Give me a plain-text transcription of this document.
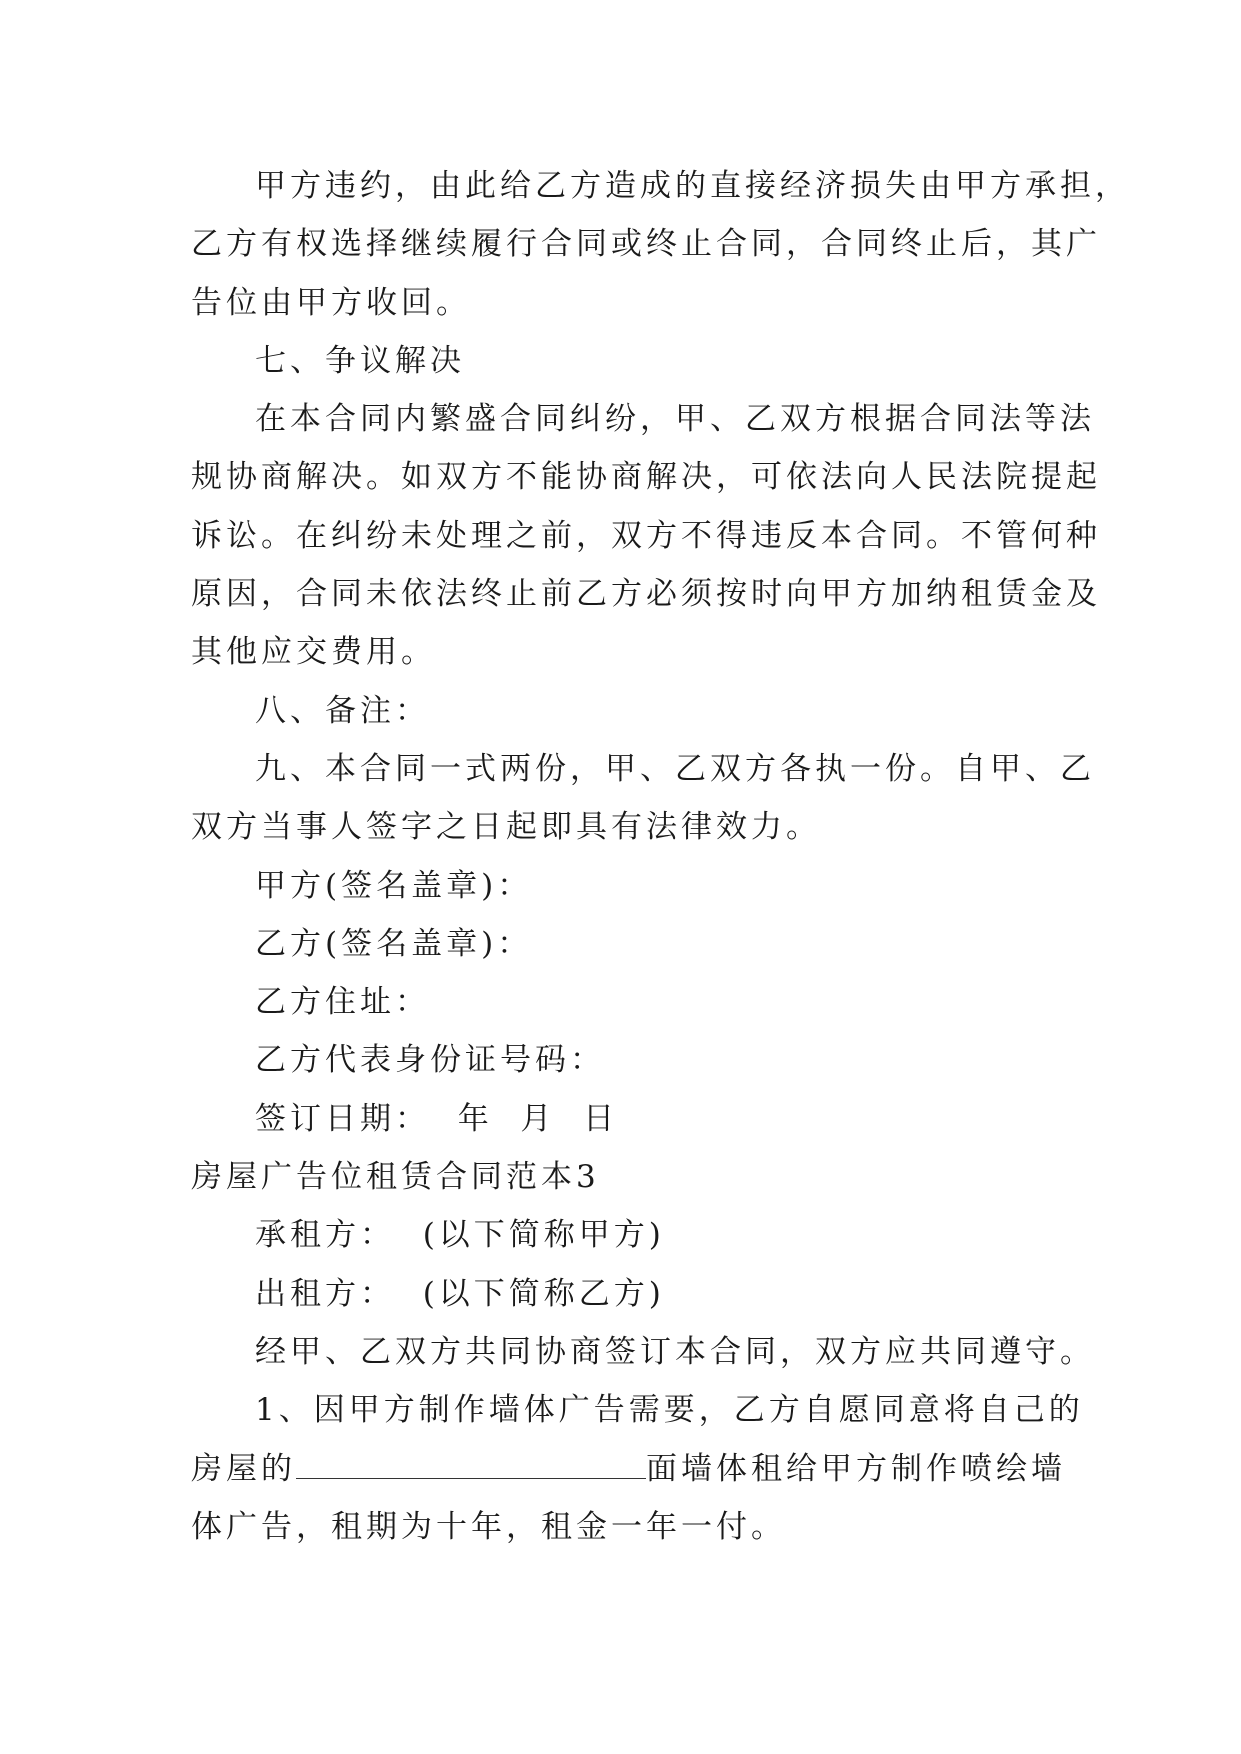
甲方违约，由此给乙方造成的直接经济损失由甲方承担，
乙方有权选择继续履行合同或终止合同，合同终止后，其广
告位由甲方收回。
七、争议解决
在本合同内繁盛合同纠纷，甲、乙双方根据合同法等法
规协商解决。如双方不能协商解决，可依法向人民法院提起
诉讼。在纠纷未处理之前，双方不得违反本合同。不管何种
原因，合同未依法终止前乙方必须按时向甲方加纳租赁金及
其他应交费用。
八、备注：
九、本合同一式两份，甲、乙双方各执一份。自甲、乙
双方当事人签字之日起即具有法律效力。
甲方(签名盖章)：
乙方(签名盖章)：
乙方住址：
乙方代表身份证号码：
签订日期：  年  月  日
房屋广告位租赁合同范本3
承租方：  (以下简称甲方)
出租方：  (以下简称乙方)
经甲、乙双方共同协商签订本合同，双方应共同遵守。
1、因甲方制作墙体广告需要，乙方自愿同意将自己的
房屋的	面墙体租给甲方制作喷绘墙
体广告，租期为十年，租金一年一付。
